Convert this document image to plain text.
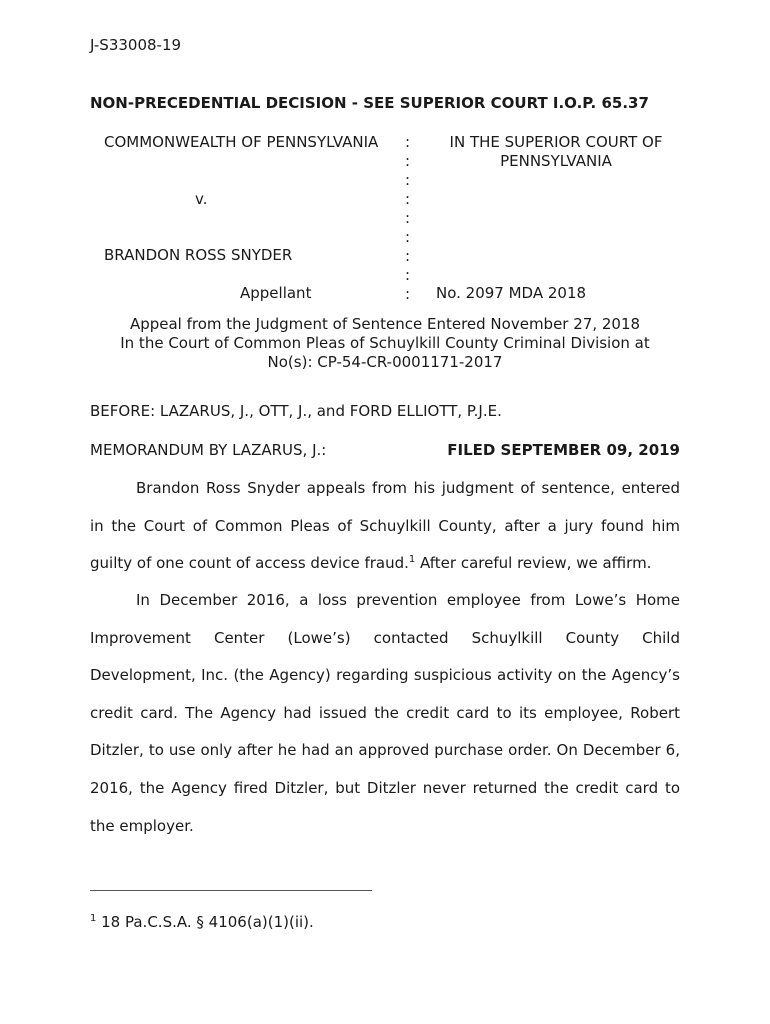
J-S33008-19
NON-PRECEDENTIAL DECISION - SEE SUPERIOR COURT I.O.P. 65.37
COMMONWEALTH OF PENNSYLVANIA
v.
BRANDON ROSS SNYDER
Appellant
:
:
:
:
:
:
:
:
:
IN THE SUPERIOR COURT OF
PENNSYLVANIA
No. 2097 MDA 2018
Appeal from the Judgment of Sentence Entered November 27, 2018
In the Court of Common Pleas of Schuylkill County Criminal Division at
No(s): CP-54-CR-0001171-2017
BEFORE: LAZARUS, J., OTT, J., and FORD ELLIOTT, P.J.E.
MEMORANDUM BY LAZARUS, J.:	FILED SEPTEMBER 09, 2019
Brandon Ross Snyder appeals from his judgment of sentence, entered in the Court of Common Pleas of Schuylkill County, after a jury found him guilty of one count of access device fraud.$^1$ After careful review, we affirm.
In December 2016, a loss prevention employee from Lowe’s Home Improvement Center (Lowe’s) contacted Schuylkill County Child Development, Inc. (the Agency) regarding suspicious activity on the Agency’s credit card. The Agency had issued the credit card to its employee, Robert Ditzler, to use only after he had an approved purchase order. On December 6, 2016, the Agency fired Ditzler, but Ditzler never returned the credit card to the employer.
$^1$ 18 Pa.C.S.A. § 4106(a)(1)(ii).
